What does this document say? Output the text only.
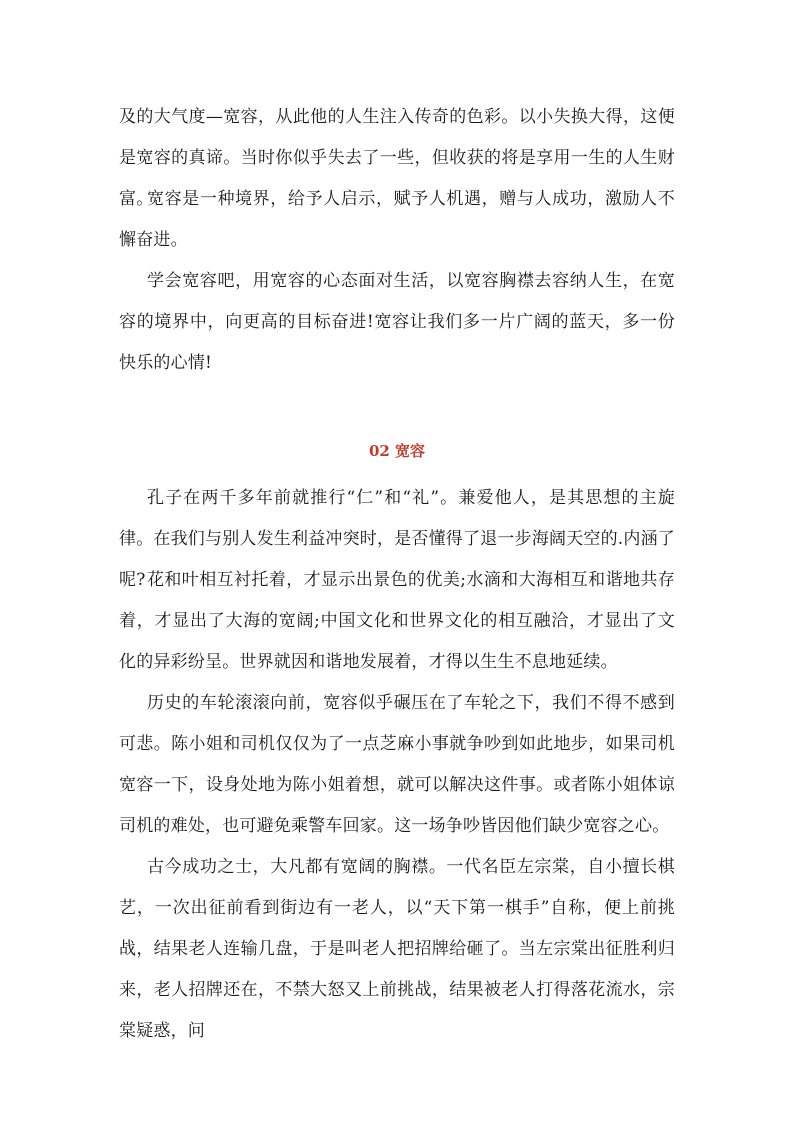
及的大气度—宽容，从此他的人生注入传奇的色彩。以小失换大得，这便是宽容的真谛。当时你似乎失去了一些，但收获的将是享用一生的人生财富。

宽容是一种境界，给予人启示，赋予人机遇，赠与人成功，激励人不懈奋进。

学会宽容吧，用宽容的心态面对生活，以宽容胸襟去容纳人生，在宽容的境界中，向更高的目标奋进!宽容让我们多一片广阔的蓝天，多一份快乐的心情!

02 宽容

孔子在两千多年前就推行“仁”和“礼”。兼爱他人，是其思想的主旋律。在我们与别人发生利益冲突时，是否懂得了退一步海阔天空的.内涵了呢? 花和叶相互衬托着，才显示出景色的优美;水滴和大海相互和谐地共存着，才显出了大海的宽阔;中国文化和世界文化的相互融洽，才显出了文化的异彩纷呈。世界就因和谐地发展着，才得以生生不息地延续。

历史的车轮滚滚向前，宽容似乎碾压在了车轮之下，我们不得不感到可悲。陈小姐和司机仅仅为了一点芝麻小事就争吵到如此地步，如果司机宽容一下，设身处地为陈小姐着想，就可以解决这件事。或者陈小姐体谅司机的难处，也可避免乘警车回家。这一场争吵皆因他们缺少宽容之心。

古今成功之士，大凡都有宽阔的胸襟。一代名臣左宗棠，自小擅长棋艺，一次出征前看到街边有一老人，以“天下第一棋手”自称，便上前挑战，结果老人连输几盘，于是叫老人把招牌给砸了。当左宗棠出征胜利归来，老人招牌还在，不禁大怒又上前挑战，结果被老人打得落花流水，宗棠疑惑，问
